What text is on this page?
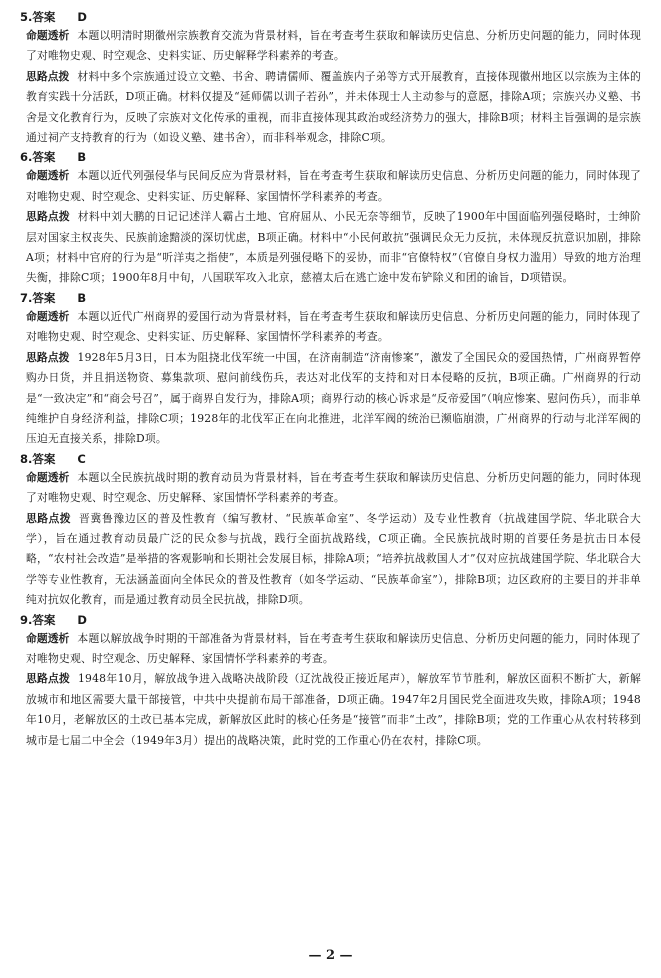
5.答案 D

命题透析 本题以明清时期徽州宗族教育交流为背景材料，旨在考查考生获取和解读历史信息、分析历史问题的能力，同时体现了对唯物史观、时空观念、史料实证、历史解释学科素养的考查。

思路点拨 材料中多个宗族通过设立文塾、书舍、聘请儒师、覆盖族内子弟等方式开展教育，直接体现徽州地区以宗族为主体的教育实践十分活跃，D项正确。材料仅提及“延师儒以训子若孙”，并未体现士人主动参与的意愿，排除A项；宗族兴办义塾、书舍是文化教育行为，反映了宗族对文化传承的重视，而非直接体现其政治或经济势力的强大，排除B项；材料主旨强调的是宗族通过祠产支持教育的行为（如设义塾、建书舍），而非科举观念，排除C项。

6.答案 B

命题透析 本题以近代列强侵华与民间反应为背景材料，旨在考查考生获取和解读历史信息、分析历史问题的能力，同时体现了对唯物史观、时空观念、史料实证、历史解释、家国情怀学科素养的考查。

思路点拨 材料中刘大鹏的日记记述洋人霸占土地、官府屈从、小民无奈等细节，反映了1900年中国面临列强侵略时，士绅阶层对国家主权丧失、民族前途黯淡的深切忧虑，B项正确。材料中“小民何敢抗”强调民众无力反抗，未体现反抗意识加剧，排除A项；材料中官府的行为是“听洋夷之指使”，本质是列强侵略下的妥协，而非“官僚特权”（官僚自身权力滥用）导致的地方治理失衡，排除C项；1900年8月中旬，八国联军攻入北京，慈禧太后在逃亡途中发布铲除义和团的谕旨，D项错误。

7.答案 B

命题透析 本题以近代广州商界的爱国行动为背景材料，旨在考查考生获取和解读历史信息、分析历史问题的能力，同时体现了对唯物史观、时空观念、史料实证、历史解释、家国情怀学科素养的考查。

思路点拨 1928年5月3日，日本为阻挠北伐军统一中国，在济南制造“济南惨案”，激发了全国民众的爱国热情，广州商界暂停购办日货，并且捐送物资、募集款项、慰问前线伤兵，表达对北伐军的支持和对日本侵略的反抗，B项正确。广州商界的行动是“一致决定”和“商会号召”，属于商界自发行为，排除A项；商界行动的核心诉求是“反帝爱国”（响应惨案、慰问伤兵），而非单纯维护自身经济利益，排除C项；1928年的北伐军正在向北推进，北洋军阀的统治已濒临崩溃，广州商界的行动与北洋军阀的压迫无直接关系，排除D项。

8.答案 C

命题透析 本题以全民族抗战时期的教育动员为背景材料，旨在考查考生获取和解读历史信息、分析历史问题的能力，同时体现了对唯物史观、时空观念、历史解释、家国情怀学科素养的考查。

思路点拨 晋冀鲁豫边区的普及性教育（编写教材、“民族革命室”、冬学运动）及专业性教育（抗战建国学院、华北联合大学），旨在通过教育动员最广泛的民众参与抗战，践行全面抗战路线，C项正确。全民族抗战时期的首要任务是抗击日本侵略，“农村社会改造”是举措的客观影响和长期社会发展目标，排除A项；“培养抗战救国人才”仅对应抗战建国学院、华北联合大学等专业性教育，无法涵盖面向全体民众的普及性教育（如冬学运动、“民族革命室”），排除B项；边区政府的主要目的并非单纯对抗奴化教育，而是通过教育动员全民抗战，排除D项。

9.答案 D

命题透析 本题以解放战争时期的干部准备为背景材料，旨在考查考生获取和解读历史信息、分析历史问题的能力，同时体现了对唯物史观、时空观念、历史解释、家国情怀学科素养的考查。

思路点拨 1948年10月，解放战争进入战略决战阶段（辽沈战役正接近尾声），解放军节节胜利，解放区面积不断扩大，新解放城市和地区需要大量干部接管，中共中央提前布局干部准备，D项正确。1947年2月国民党全面进攻失败，排除A项；1948年10月，老解放区的土改已基本完成，新解放区此时的核心任务是“接管”而非“土改”，排除B项；党的工作重心从农村转移到城市是七届二中全会（1949年3月）提出的战略决策，此时党的工作重心仍在农村，排除C项。

— 2 —
